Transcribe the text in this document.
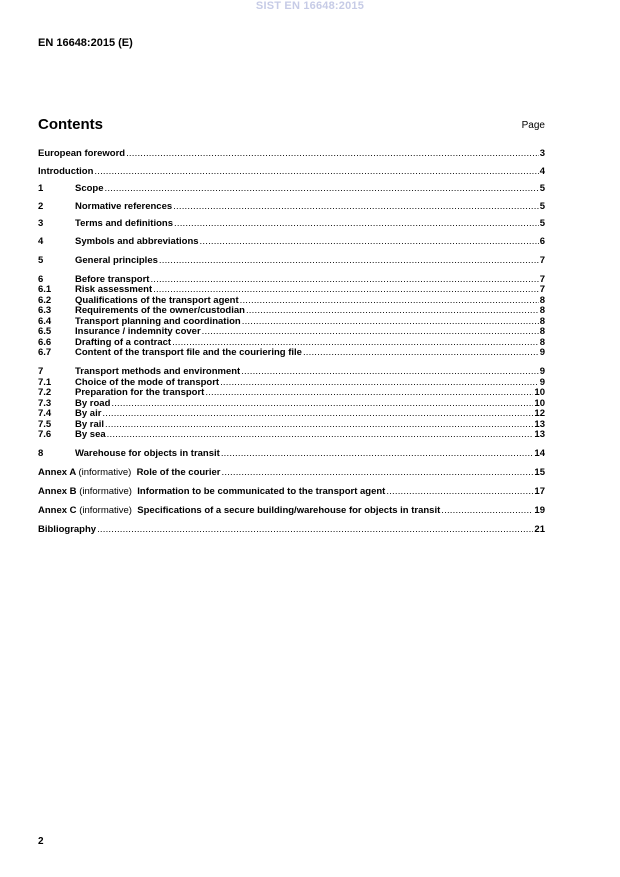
SIST EN 16648:2015
EN 16648:2015 (E)
Contents	Page
European foreword .....	3
Introduction .....	4
1	Scope .....	5
2	Normative references .....	5
3	Terms and definitions .....	5
4	Symbols and abbreviations .....	6
5	General principles .....	7
6	Before transport .....	7
6.1	Risk assessment .....	7
6.2	Qualifications of the transport agent .....	8
6.3	Requirements of the owner/custodian .....	8
6.4	Transport planning and coordination .....	8
6.5	Insurance / indemnity cover .....	8
6.6	Drafting of a contract .....	8
6.7	Content of the transport file and the couriering file .....	9
7	Transport methods and environment .....	9
7.1	Choice of the mode of transport .....	9
7.2	Preparation for the transport .....	10
7.3	By road .....	10
7.4	By air .....	12
7.5	By rail .....	13
7.6	By sea .....	13
8	Warehouse for objects in transit .....	14
Annex A (informative) Role of the courier .....	15
Annex B (informative) Information to be communicated to the transport agent .....	17
Annex C (informative) Specifications of a secure building/warehouse for objects in transit .....	19
Bibliography .....	21
2
